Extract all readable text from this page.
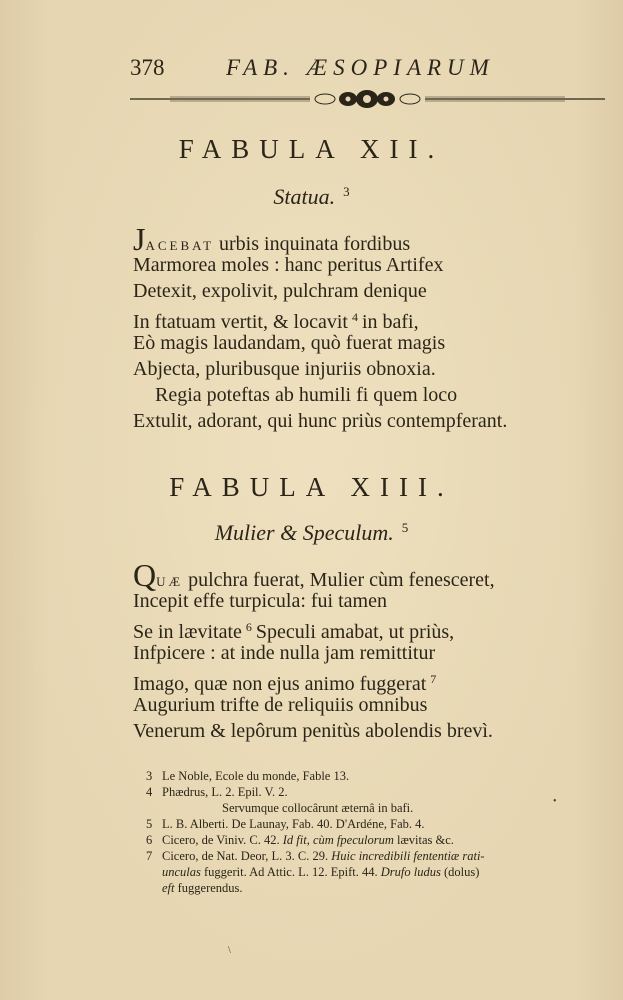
378	FAB. ÆSOPIARUM
FABULA XII.
Statua. $^3$
JACEBAT urbis inquinata fordibus
Marmorea moles : hanc peritus Artifex
Detexit, expolivit, pulchram denique
In ftatuam vertit, & locavit $^4$ in bafi,
Eò magis laudandam, quò fuerat magis
Abjecta, pluribusque injuriis obnoxia.
Regia poteftas ab humili fi quem loco
Extulit, adorant, qui hunc priùs contempferant.
FABULA XIII.
Mulier & Speculum. $^5$
QUÆ pulchra fuerat, Mulier cùm fenesceret,
Incepit effe turpicula: fui tamen
Se in lævitate $^6$ Speculi amabat, ut priùs,
Infpicere : at inde nulla jam remittitur
Imago, quæ non ejus animo fuggerat $^7$
Augurium trifte de reliquiis omnibus
Venerum & lepôrum penitùs abolendis brevì.
3 Le Noble, Ecole du monde, Fable 13.
4 Phædrus, L. 2. Epil. V. 2.
Servumque collocârunt æternâ in bafi.
5 L. B. Alberti. De Launay, Fab. 40. D'Ardéne, Fab. 4.
6 Cicero, de Viniv. C. 42. Id fit, cùm fpeculorum lævitas &c.
7 Cicero, de Nat. Deor, L. 3. C. 29. Huic incredibili fententiæ rati-
unculas fuggerit. Ad Attic. L. 12. Epift. 44. Drufo ludus (dolus)
eft fuggerendus.
•
\
